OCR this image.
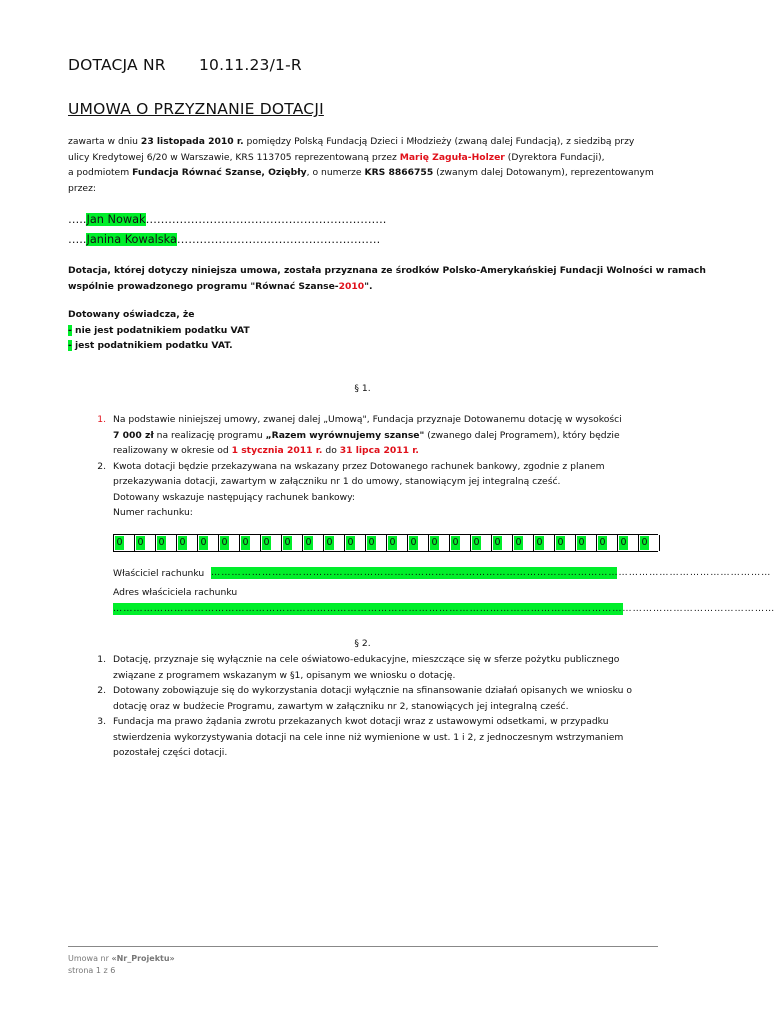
DOTACJA NR 10.11.23/1-R
UMOWA O PRZYZNANIE DOTACJI
zawarta w dniu 23 listopada 2010 r. pomiędzy Polską Fundacją Dzieci i Młodzieży (zwaną dalej Fundacją), z siedzibą przy
ulicy Kredytowej 6/20 w Warszawie, KRS 113705 reprezentowaną przez Marię Zaguła-Holzer (Dyrektora Fundacji),
a podmiotem Fundacja Równać Szanse, Oziębły, o numerze KRS 8866755 (zwanym dalej Dotowanym), reprezentowanym
przez:
…..Jan Nowak……………………………………………………….
…..Janina Kowalska………………………………………………
Dotacja, której dotyczy niniejsza umowa, została przyznana ze środków Polsko-Amerykańskiej Fundacji Wolności w ramach
wspólnie prowadzonego programu "Równać Szanse-2010".
Dotowany oświadcza, że
- nie jest podatnikiem podatku VAT
- jest podatnikiem podatku VAT.
§ 1.
1. Na podstawie niniejszej umowy, zwanej dalej „Umową", Fundacja przyznaje Dotowanemu dotację w wysokości
7 000 zł na realizację programu „Razem wyrównujemy szanse" (zwanego dalej Programem), który będzie
realizowany w okresie od 1 stycznia 2011 r. do 31 lipca 2011 r.
2. Kwota dotacji będzie przekazywana na wskazany przez Dotowanego rachunek bankowy, zgodnie z planem
przekazywania dotacji, zawartym w załączniku nr 1 do umowy, stanowiącym jej integralną cześć.
Dotowany wskazuje następujący rachunek bankowy:
Numer rachunku:
0 0 0 0 0 0 0 0 0 0 0 0 0 0 0 0 0 0 0 0 0 0 0 0 0 0
Właściciel rachunku …………………………………………………………………………………………………………………………………………………
Adres właściciela rachunku
……………………………………………………………………………………………………………………………………………………………………………
§ 2.
1. Dotację, przyznaje się wyłącznie na cele oświatowo-edukacyjne, mieszczące się w sferze pożytku publicznego
związane z programem wskazanym w §1, opisanym we wniosku o dotację.
2. Dotowany zobowiązuje się do wykorzystania dotacji wyłącznie na sfinansowanie działań opisanych we wniosku o
dotację oraz w budżecie Programu, zawartym w załączniku nr 2, stanowiących jej integralną cześć.
3. Fundacja ma prawo żądania zwrotu przekazanych kwot dotacji wraz z ustawowymi odsetkami, w przypadku
stwierdzenia wykorzystywania dotacji na cele inne niż wymienione w ust. 1 i 2, z jednoczesnym wstrzymaniem
pozostałej części dotacji.
Umowa nr «Nr_Projektu»
strona 1 z 6
